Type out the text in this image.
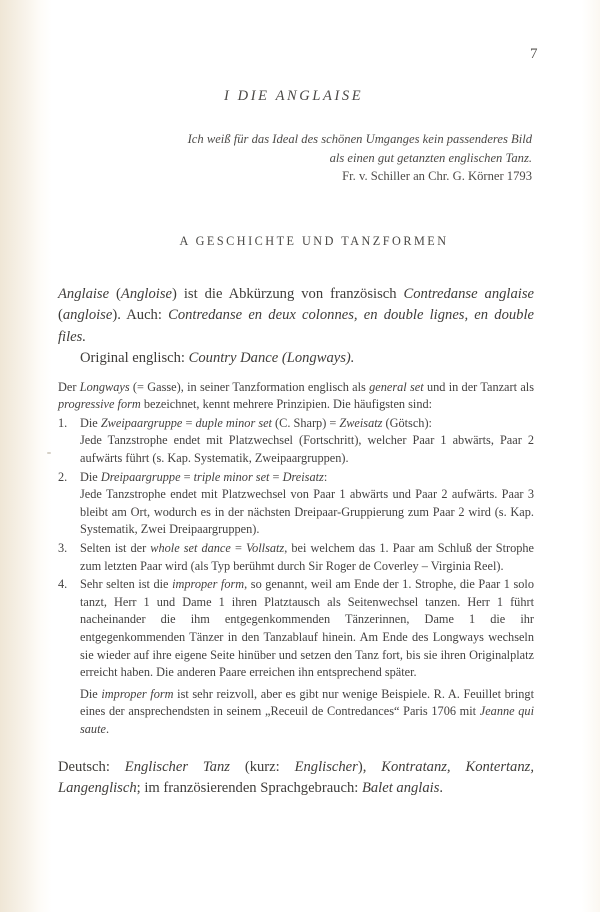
7
I DIE ANGLAISE
Ich weiß für das Ideal des schönen Umganges kein passenderes Bild
als einen gut getanzten englischen Tanz.
Fr. v. Schiller an Chr. G. Körner 1793
A GESCHICHTE UND TANZFORMEN

Anglaise (Angloise) ist die Abkürzung von französisch Contredanse anglaise (angloise). Auch: Contredanse en deux colonnes, en double lignes, en double files.

Original englisch: Country Dance (Longways).

Der Longways (= Gasse), in seiner Tanzformation englisch als general set und in der Tanzart als progressive form bezeichnet, kennt mehrere Prinzipien. Die häufigsten sind:

1.	Die Zweipaargruppe = duple minor set (C. Sharp) = Zweisatz (Götsch):
Jede Tanzstrophe endet mit Platzwechsel (Fortschritt), welcher Paar 1 abwärts, Paar 2 aufwärts führt (s. Kap. Systematik, Zweipaargruppen).
2.	Die Dreipaargruppe = triple minor set = Dreisatz:
Jede Tanzstrophe endet mit Platzwechsel von Paar 1 abwärts und Paar 2 aufwärts. Paar 3 bleibt am Ort, wodurch es in der nächsten Dreipaar-Gruppierung zum Paar 2 wird (s. Kap. Systematik, Zwei Dreipaargruppen).
3.	Selten ist der whole set dance = Vollsatz, bei welchem das 1. Paar am Schluß der Strophe zum letzten Paar wird (als Typ berühmt durch Sir Roger de Coverley – Virginia Reel).
4.	Sehr selten ist die improper form, so genannt, weil am Ende der 1. Strophe, die Paar 1 solo tanzt, Herr 1 und Dame 1 ihren Platztausch als Seitenwechsel tanzen. Herr 1 führt nacheinander die ihm entgegenkommenden Tänzerinnen, Dame 1 die ihr entgegenkommenden Tänzer in den Tanzablauf hinein. Am Ende des Longways wechseln sie wieder auf ihre eigene Seite hinüber und setzen den Tanz fort, bis sie ihren Originalplatz erreicht haben. Die anderen Paare erreichen ihn entsprechend später.

Die improper form ist sehr reizvoll, aber es gibt nur wenige Beispiele. R. A. Feuillet bringt eines der ansprechendsten in seinem „Receuil de Contredances“ Paris 1706 mit Jeanne qui saute.

Deutsch: Englischer Tanz (kurz: Englischer), Kontratanz, Kontertanz, Langenglisch; im französierenden Sprachgebrauch: Balet anglais.
